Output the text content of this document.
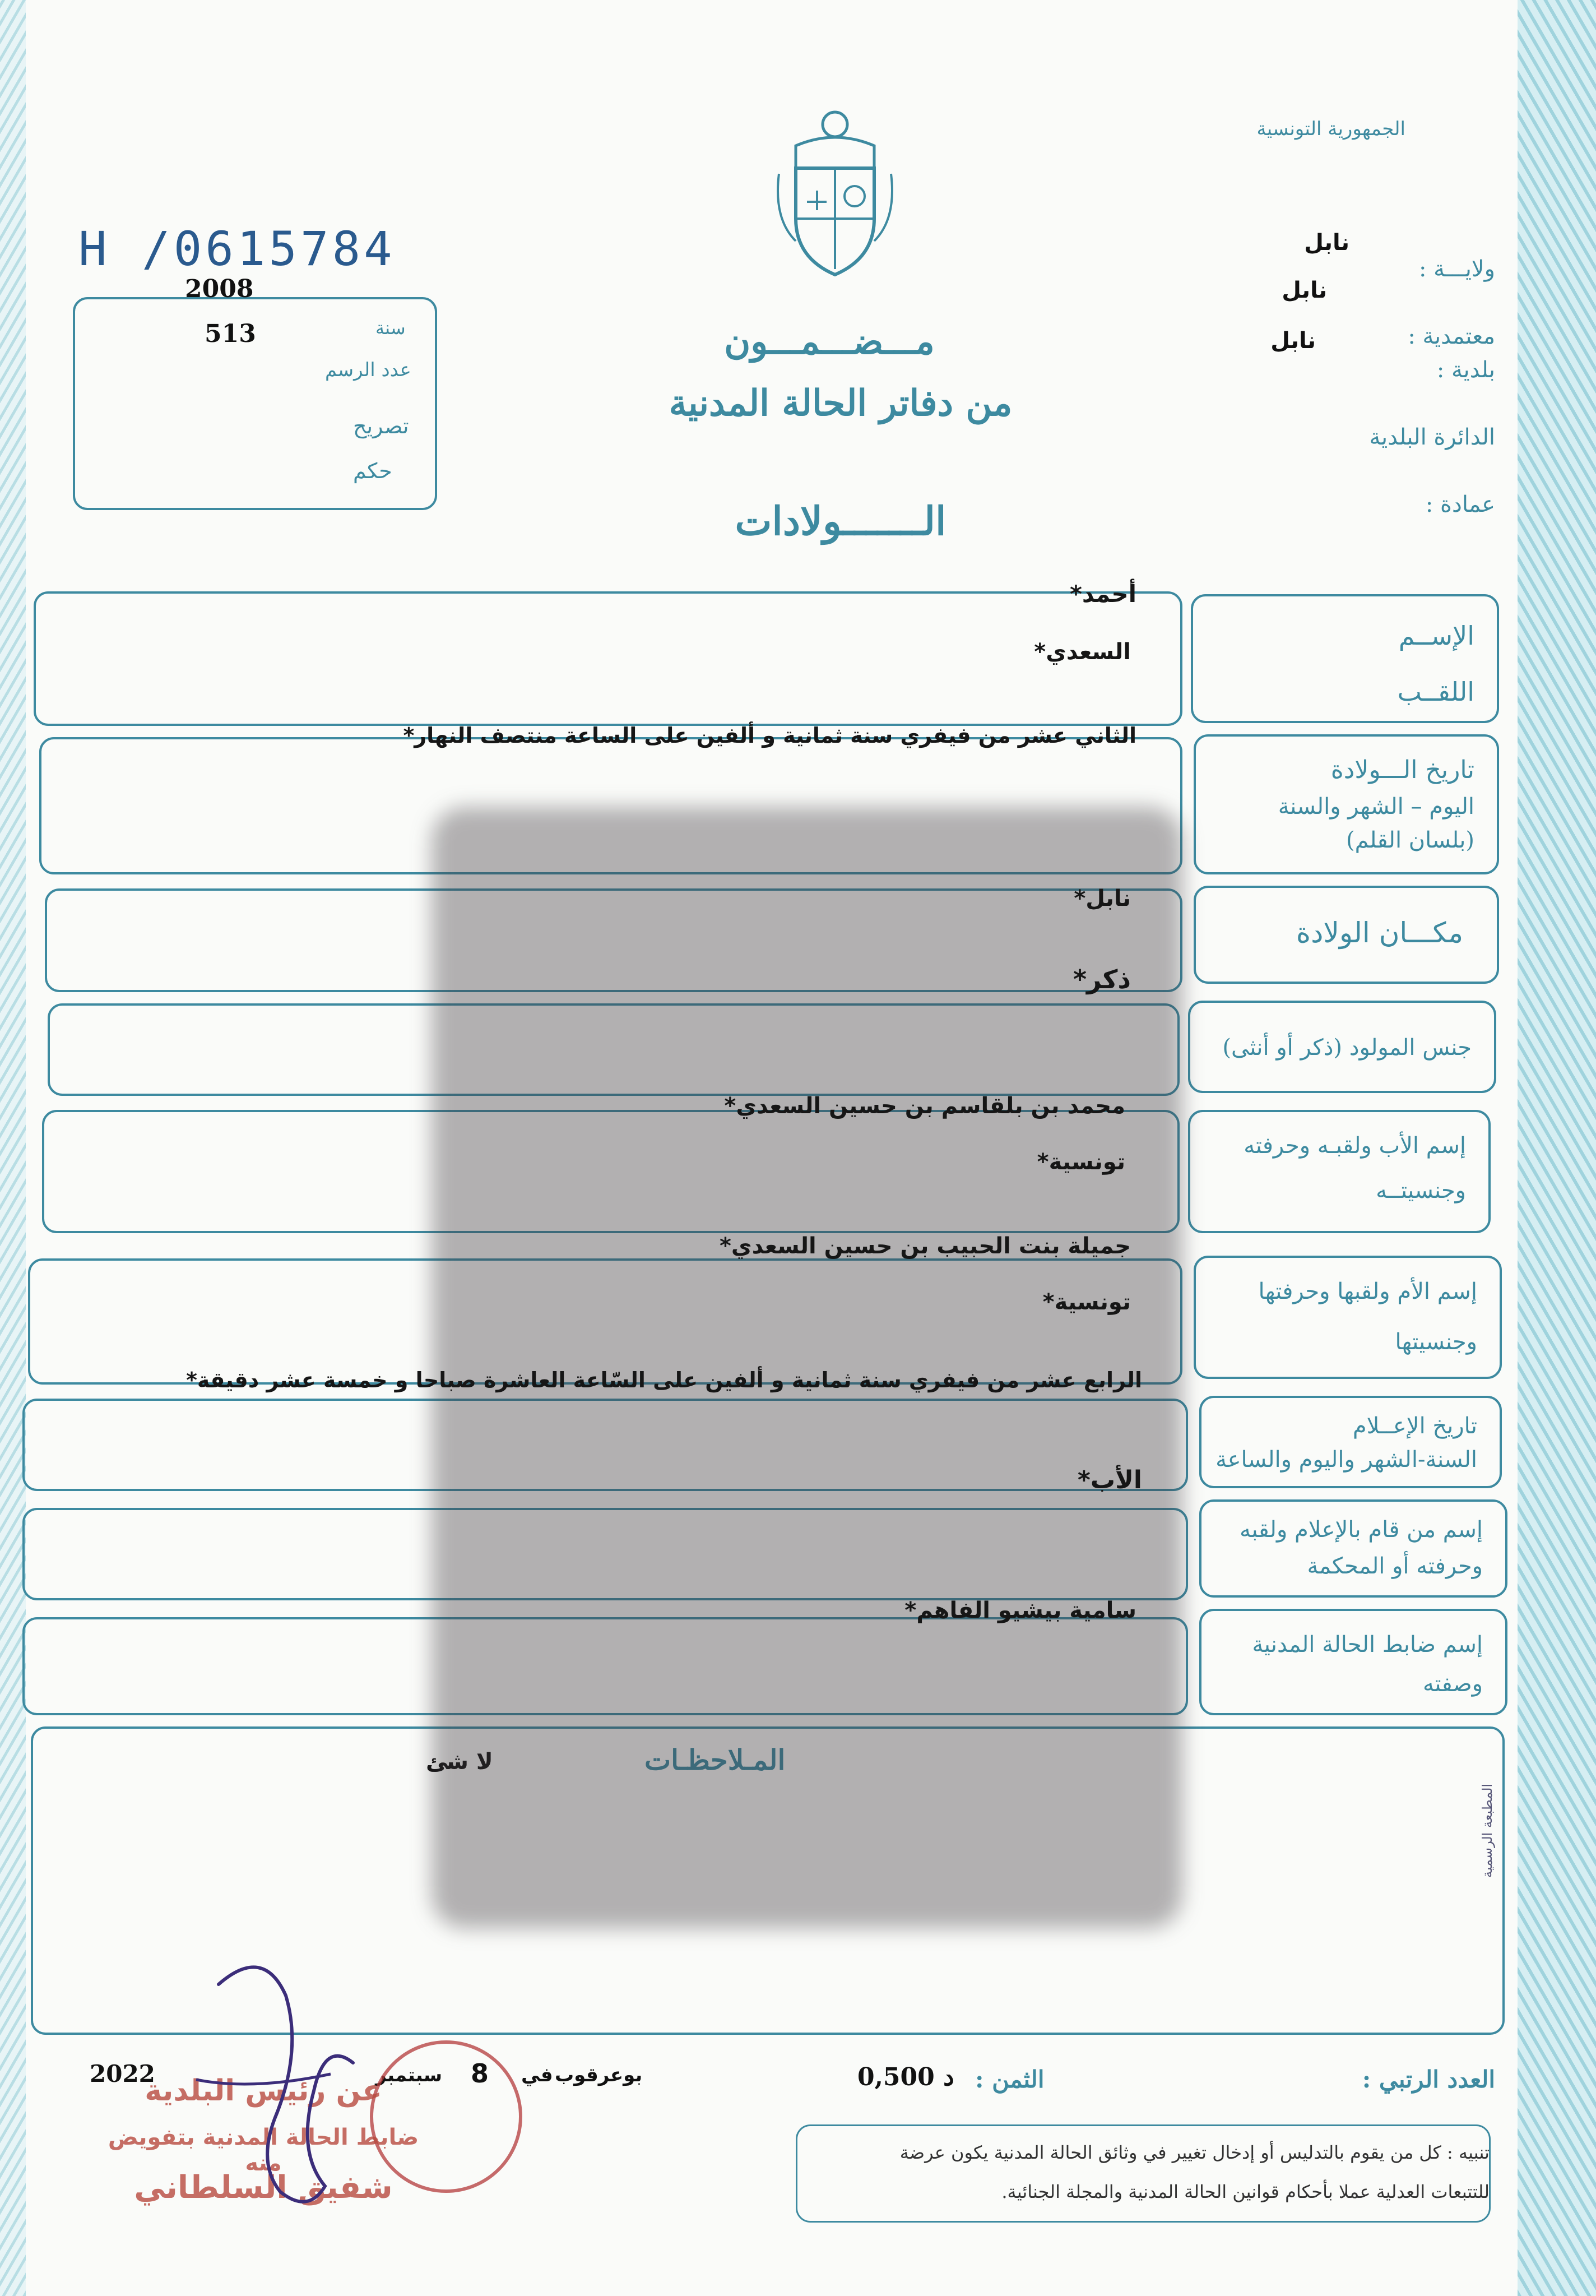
الجمهورية التونسية
ولايـــة :
نابل
معتمدية :
نابل
بلدية :
نابل
الدائرة البلدية
عمادة :
H /0615784
2008
سنة
513
عدد الرسم
تصريح
حكم
مـــضـــمـــون
من دفاتر الحالة المدنية
الـــــــولادات
الإســم
اللقــب
تاريخ الـــولادة
اليوم – الشهر والسنة
(بلسان القلم)
مكـــان الولادة
جنس المولود (ذكر أو أنثى)
إسم الأب ولقبـه وحرفته
وجنسيتــه
إسم الأم ولقبها وحرفتها
وجنسيتها
تاريخ الإعــلام
السنة-الشهر واليوم والساعة
إسم من قام بالإعلام ولقبه
وحرفته أو المحكمة
إسم ضابط الحالة المدنية
وصفته
المـلاحظـات
لا شئ
أحمد*
السعدي*
الثاني عشر من فيفري سنة ثمانية و ألفين على الساعة منتصف النهار*
نابل*
ذكر*
محمد بن بلقاسم بن حسين السعدي*
تونسية*
جميلة بنت الحبيب بن حسين السعدي*
تونسية*
الرابع عشر من فيفري سنة ثمانية و ألفين على السّاعة العاشرة صباحا و خمسة عشر دقيقة*
الأب*
سامية بيشيو الفاهم*
العدد الرتبي :
الثمن :
0,500 د
بوعرقوب
في
8
سبتمبر
2022
عن رئيس البلدية
ضابط الحالة المدنية بتفويض منه
شفيق السلطاني
تنبيه : كل من يقوم بالتدليس أو إدخال تغيير في وثائق الحالة المدنية يكون عرضة
للتتبعات العدلية عملا بأحكام قوانين الحالة المدنية والمجلة الجنائية.
المطبعة الرسمية
